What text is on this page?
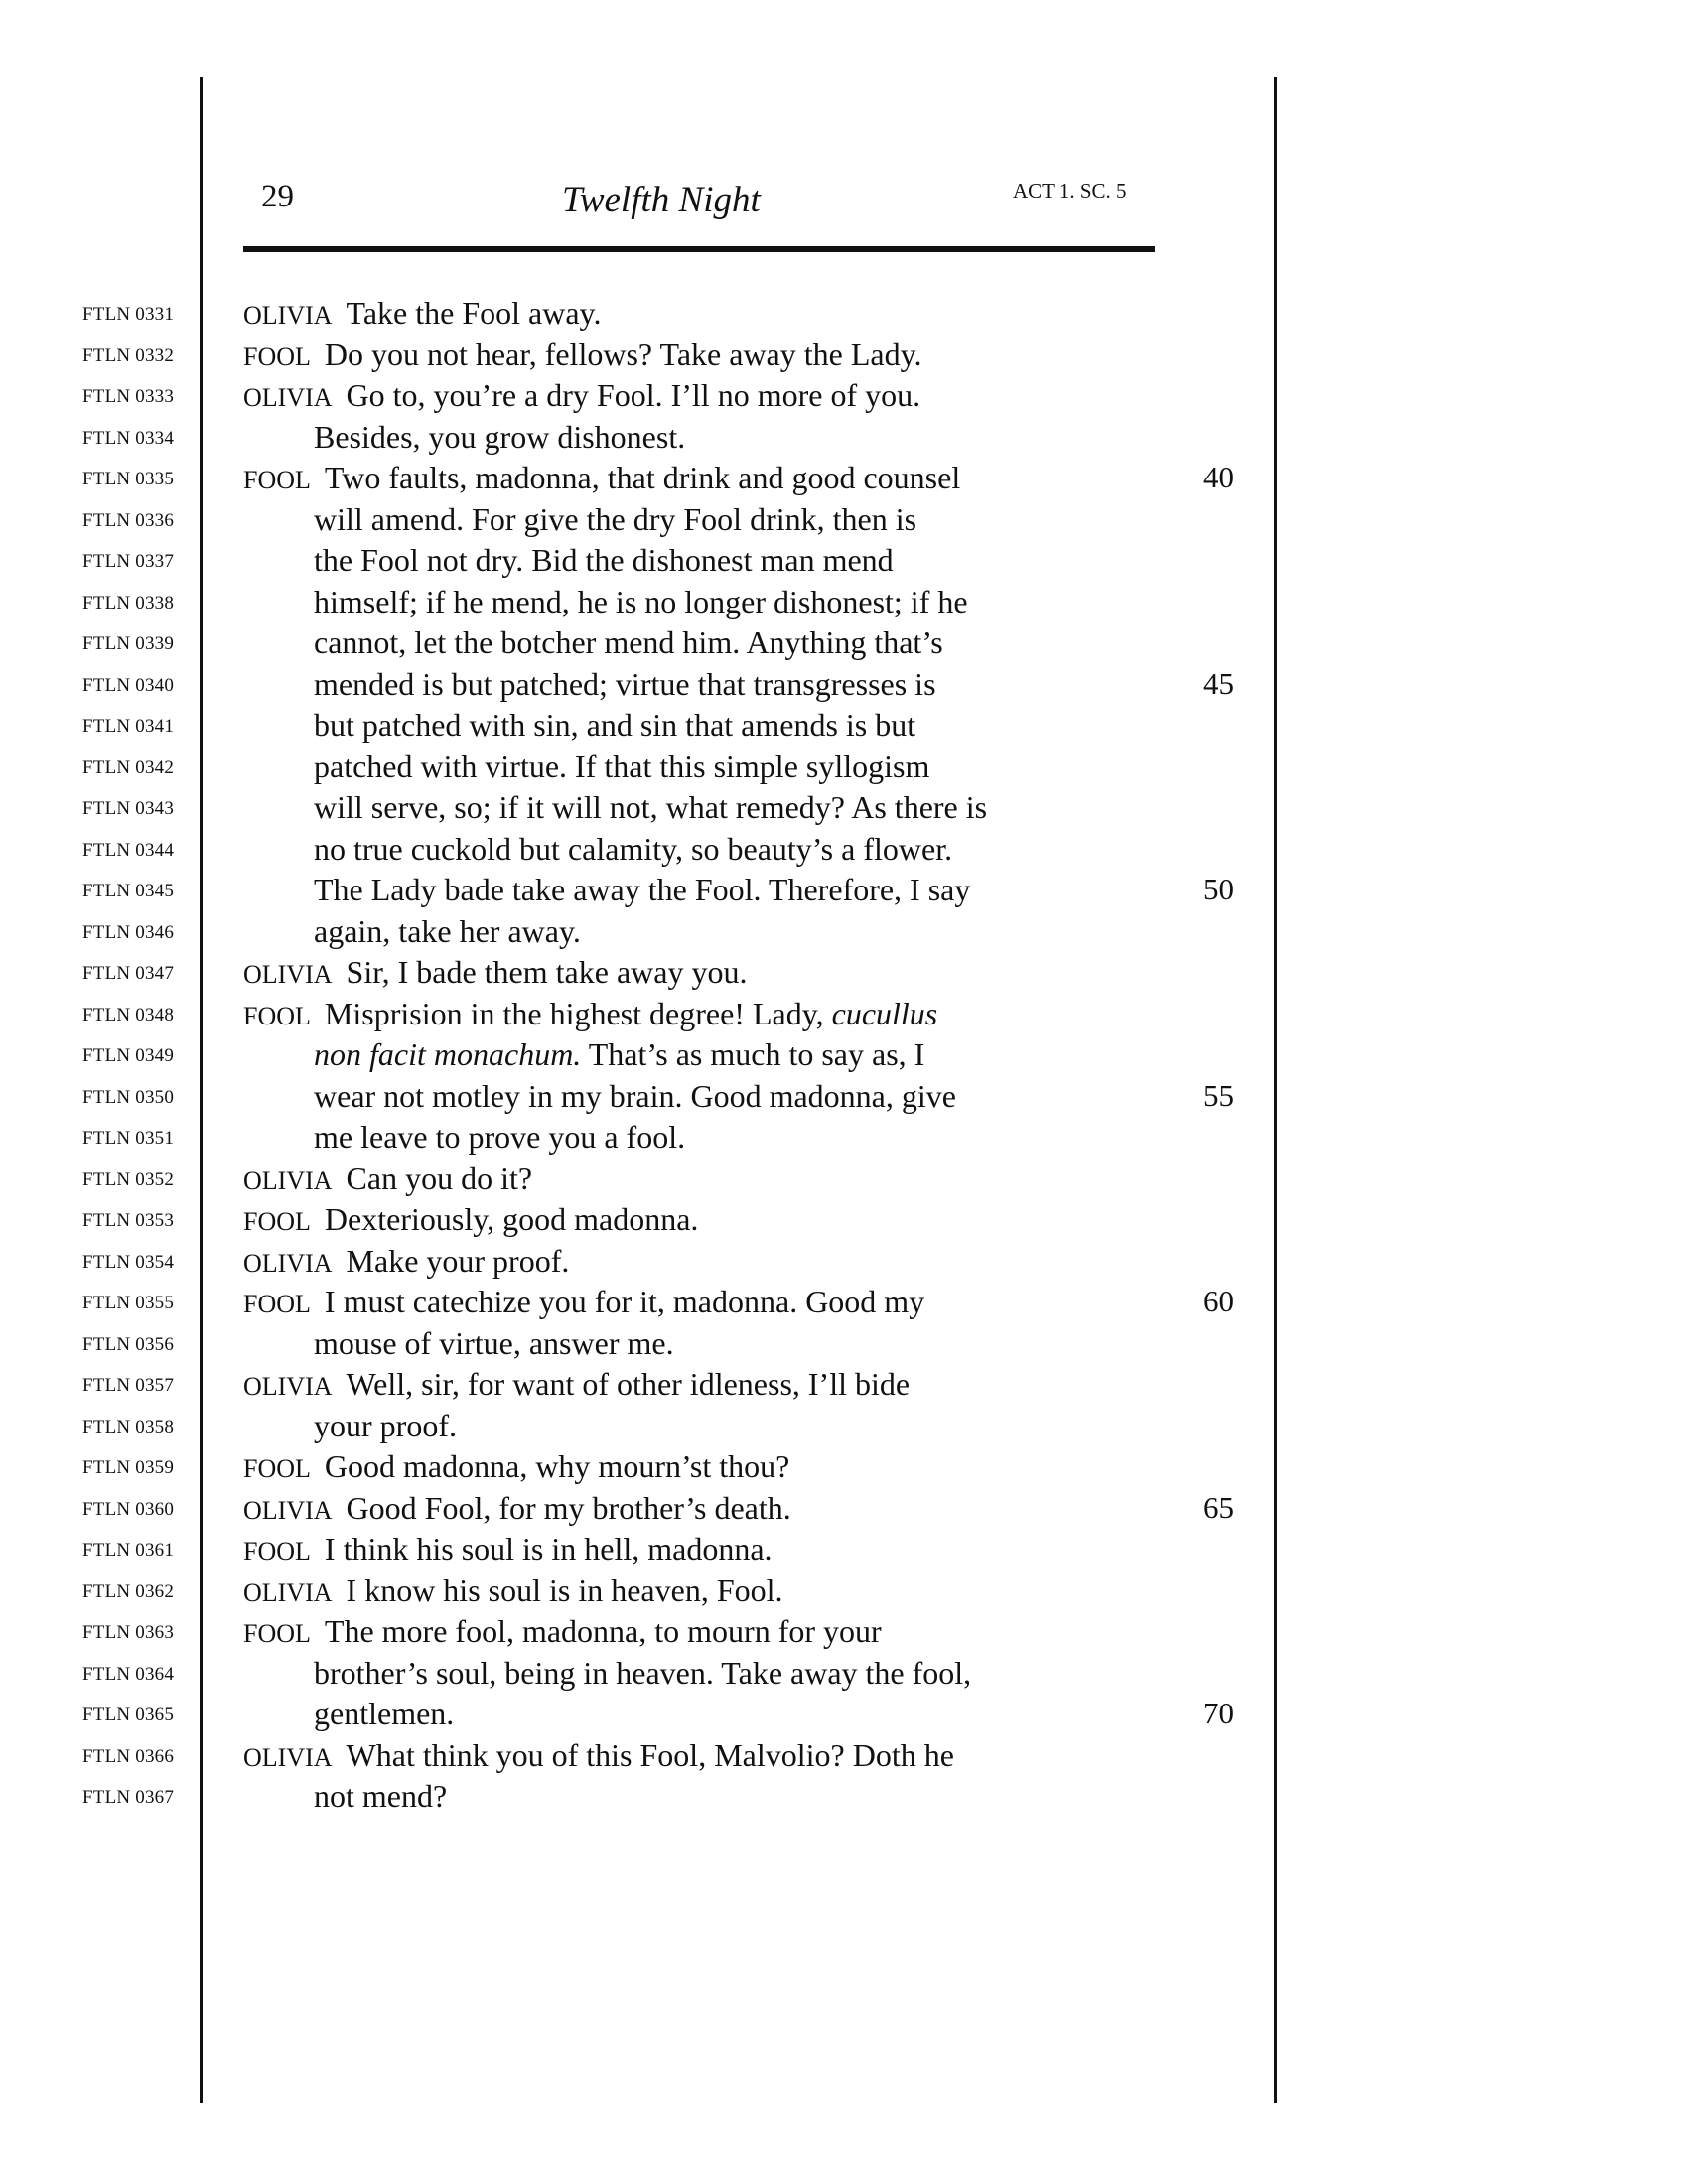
29	Twelfth Night	ACT 1. SC. 5
FTLN 0331	OLIVIA Take the Fool away.
FTLN 0332	FOOL Do you not hear, fellows? Take away the Lady.
FTLN 0333	OLIVIA Go to, you’re a dry Fool. I’ll no more of you.
FTLN 0334	Besides, you grow dishonest.
FTLN 0335	FOOL Two faults, madonna, that drink and good counsel	40
FTLN 0336	will amend. For give the dry Fool drink, then is
FTLN 0337	the Fool not dry. Bid the dishonest man mend
FTLN 0338	himself; if he mend, he is no longer dishonest; if he
FTLN 0339	cannot, let the botcher mend him. Anything that’s
FTLN 0340	mended is but patched; virtue that transgresses is	45
FTLN 0341	but patched with sin, and sin that amends is but
FTLN 0342	patched with virtue. If that this simple syllogism
FTLN 0343	will serve, so; if it will not, what remedy? As there is
FTLN 0344	no true cuckold but calamity, so beauty’s a flower.
FTLN 0345	The Lady bade take away the Fool. Therefore, I say	50
FTLN 0346	again, take her away.
FTLN 0347	OLIVIA Sir, I bade them take away you.
FTLN 0348	FOOL Misprision in the highest degree! Lady, cucullus
FTLN 0349	non facit monachum. That’s as much to say as, I
FTLN 0350	wear not motley in my brain. Good madonna, give	55
FTLN 0351	me leave to prove you a fool.
FTLN 0352	OLIVIA Can you do it?
FTLN 0353	FOOL Dexteriously, good madonna.
FTLN 0354	OLIVIA Make your proof.
FTLN 0355	FOOL I must catechize you for it, madonna. Good my	60
FTLN 0356	mouse of virtue, answer me.
FTLN 0357	OLIVIA Well, sir, for want of other idleness, I’ll bide
FTLN 0358	your proof.
FTLN 0359	FOOL Good madonna, why mourn’st thou?
FTLN 0360	OLIVIA Good Fool, for my brother’s death.	65
FTLN 0361	FOOL I think his soul is in hell, madonna.
FTLN 0362	OLIVIA I know his soul is in heaven, Fool.
FTLN 0363	FOOL The more fool, madonna, to mourn for your
FTLN 0364	brother’s soul, being in heaven. Take away the fool,
FTLN 0365	gentlemen.	70
FTLN 0366	OLIVIA What think you of this Fool, Malvolio? Doth he
FTLN 0367	not mend?
